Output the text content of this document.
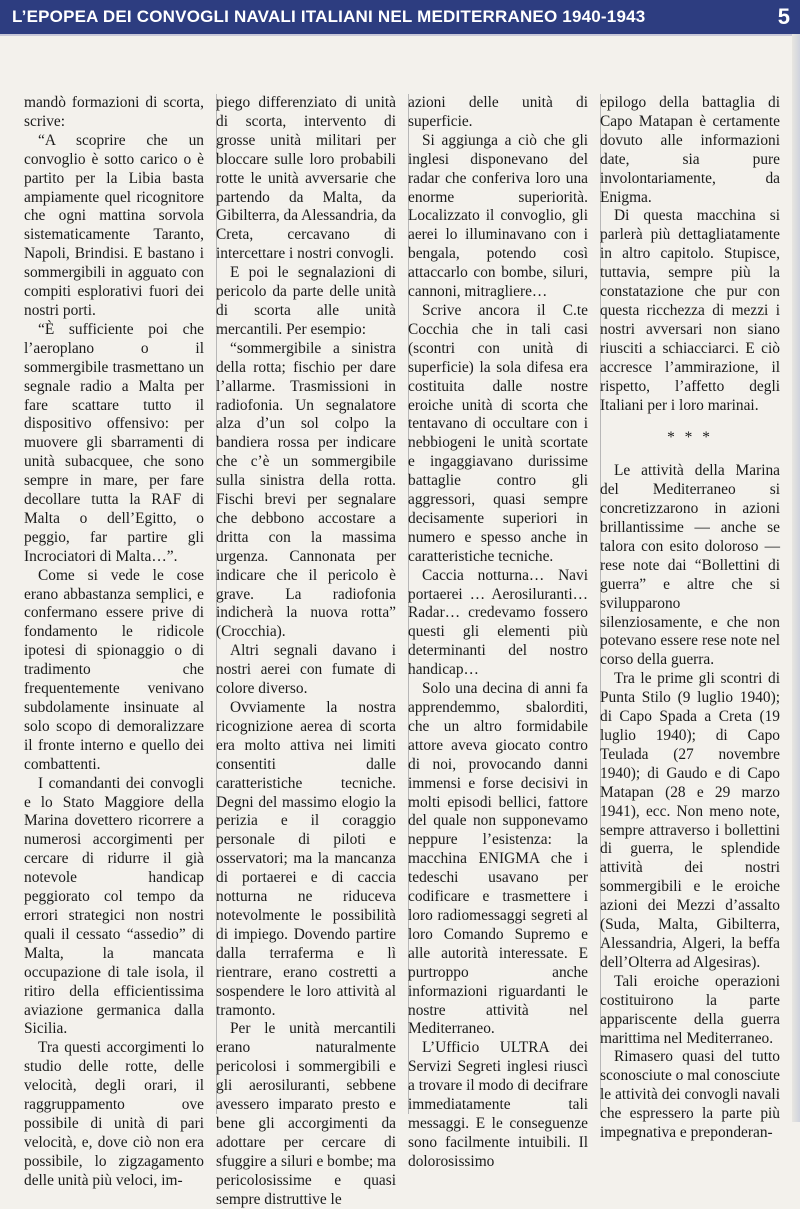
L’EPOPEA DEI CONVOGLI NAVALI ITALIANI NEL MEDITERRANEO 1940-1943	5

mandò formazioni di scorta, scrive:

“A scoprire che un convoglio è sotto carico o è partito per la Libia basta ampiamente quel ricognitore che ogni mattina sorvola sistematicamente Taranto, Napoli, Brindisi. E bastano i sommergibili in agguato con compiti esplorativi fuori dei nostri porti.

“È sufficiente poi che l’aeroplano o il sommergibile trasmettano un segnale radio a Malta per fare scattare tutto il dispositivo offensivo: per muovere gli sbarramenti di unità subacquee, che sono sempre in mare, per fare decollare tutta la RAF di Malta o dell’Egitto, o peggio, far partire gli Incrociatori di Malta…”.

Come si vede le cose erano abbastanza semplici, e confermano essere prive di fondamento le ridicole ipotesi di spionaggio o di tradimento che frequentemente venivano subdolamente insinuate al solo scopo di demoralizzare il fronte interno e quello dei combattenti.

I comandanti dei convogli e lo Stato Maggiore della Marina dovettero ricorrere a numerosi accorgimenti per cercare di ridurre il già notevole handicap peggiorato col tempo da errori strategici non nostri quali il cessato “assedio” di Malta, la mancata occupazione di tale isola, il ritiro della efficientissima aviazione germanica dalla Sicilia.

Tra questi accorgimenti lo studio delle rotte, delle velocità, degli orari, il raggruppamento ove possibile di unità di pari velocità, e, dove ciò non era possibile, lo zigzagamento delle unità più veloci, im-

piego differenziato di unità di scorta, intervento di grosse unità militari per bloccare sulle loro probabili rotte le unità avversarie che partendo da Malta, da Gibilterra, da Alessandria, da Creta, cercavano di intercettare i nostri convogli.

E poi le segnalazioni di pericolo da parte delle unità di scorta alle unità mercantili. Per esempio:

“sommergibile a sinistra della rotta; fischio per dare l’allarme. Trasmissioni in radiofonia. Un segnalatore alza d’un sol colpo la bandiera rossa per indicare che c’è un sommergibile sulla sinistra della rotta. Fischi brevi per segnalare che debbono accostare a dritta con la massima urgenza. Cannonata per indicare che il pericolo è grave. La radiofonia indicherà la nuova rotta” (Crocchia).

Altri segnali davano i nostri aerei con fumate di colore diverso.

Ovviamente la nostra ricognizione aerea di scorta era molto attiva nei limiti consentiti dalle caratteristiche tecniche. Degni del massimo elogio la perizia e il coraggio personale di piloti e osservatori; ma la mancanza di portaerei e di caccia notturna ne riduceva notevolmente le possibilità di impiego. Dovendo partire dalla terraferma e lì rientrare, erano costretti a sospendere le loro attività al tramonto.

Per le unità mercantili erano naturalmente pericolosi i sommergibili e gli aerosiluranti, sebbene avessero imparato presto e bene gli accorgimenti da adottare per cercare di sfuggire a siluri e bombe; ma pericolosissime e quasi sempre distruttive le

azioni delle unità di superficie.

Si aggiunga a ciò che gli inglesi disponevano del radar che conferiva loro una enorme superiorità. Localizzato il convoglio, gli aerei lo illuminavano con i bengala, potendo così attaccarlo con bombe, siluri, cannoni, mitragliere…

Scrive ancora il C.te Cocchia che in tali casi (scontri con unità di superficie) la sola difesa era costituita dalle nostre eroiche unità di scorta che tentavano di occultare con i nebbiogeni le unità scortate e ingaggiavano durissime battaglie contro gli aggressori, quasi sempre decisamente superiori in numero e spesso anche in caratteristiche tecniche.

Caccia notturna… Navi portaerei … Aerosiluranti… Radar… credevamo fossero questi gli elementi più determinanti del nostro handicap…

Solo una decina di anni fa apprendemmo, sbalorditi, che un altro formidabile attore aveva giocato contro di noi, provocando danni immensi e forse decisivi in molti episodi bellici, fattore del quale non supponevamo neppure l’esistenza: la macchina ENIGMA che i tedeschi usavano per codificare e trasmettere i loro radiomessaggi segreti al loro Comando Supremo e alle autorità interessate. E purtroppo anche informazioni riguardanti le nostre attività nel Mediterraneo.

L’Ufficio ULTRA dei Servizi Segreti inglesi riuscì a trovare il modo di decifrare immediatamente tali messaggi. E le conseguenze sono facilmente intuibili. Il dolorosissimo

epilogo della battaglia di Capo Matapan è certamente dovuto alle informazioni date, sia pure involontariamente, da Enigma.

Di questa macchina si parlerà più dettagliatamente in altro capitolo. Stupisce, tuttavia, sempre più la constatazione che pur con questa ricchezza di mezzi i nostri avversari non siano riusciti a schiacciarci. E ciò accresce l’ammirazione, il rispetto, l’affetto degli Italiani per i loro marinai.

* * *

Le attività della Marina del Mediterraneo si concretizzarono in azioni brillantissime — anche se talora con esito doloroso — rese note dai “Bollettini di guerra” e altre che si svilupparono silenziosamente, e che non potevano essere rese note nel corso della guerra.

Tra le prime gli scontri di Punta Stilo (9 luglio 1940); di Capo Spada a Creta (19 luglio 1940); di Capo Teulada (27 novembre 1940); di Gaudo e di Capo Matapan (28 e 29 marzo 1941), ecc. Non meno note, sempre attraverso i bollettini di guerra, le splendide attività dei nostri sommergibili e le eroiche azioni dei Mezzi d’assalto (Suda, Malta, Gibilterra, Alessandria, Algeri, la beffa dell’Olterra ad Algesiras).

Tali eroiche operazioni costituirono la parte appariscente della guerra marittima nel Mediterraneo.

Rimasero quasi del tutto sconosciute o mal conosciute le attività dei convogli navali che espressero la parte più impegnativa e preponderan-
